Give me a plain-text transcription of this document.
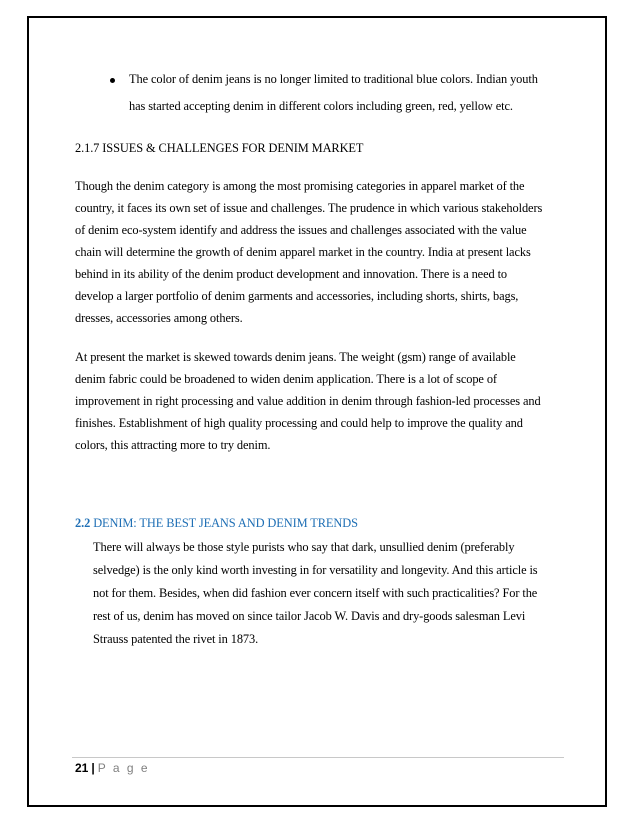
The color of denim jeans is no longer limited to traditional blue colors. Indian youth
has started accepting denim in different colors including green, red, yellow etc.
2.1.7 ISSUES & CHALLENGES FOR DENIM MARKET
Though the denim category is among the most promising categories in apparel market of the
country, it faces its own set of issue and challenges. The prudence in which various stakeholders
of denim eco-system identify and address the issues and challenges associated with the value
chain will determine the growth of denim apparel market in the country. India at present lacks
behind in its ability of the denim product development and innovation. There is a need to
develop a larger portfolio of denim garments and accessories, including shorts, shirts, bags,
dresses, accessories among others.
At present the market is skewed towards denim jeans. The weight (gsm) range of available
denim fabric could be broadened to widen denim application. There is a lot of scope of
improvement in right processing and value addition in denim through fashion-led processes and
finishes. Establishment of high quality processing and could help to improve the quality and
colors, this attracting more to try denim.
2.2 DENIM: THE BEST JEANS AND DENIM TRENDS
There will always be those style purists who say that dark, unsullied denim (preferably
selvedge) is the only kind worth investing in for versatility and longevity. And this article is
not for them. Besides, when did fashion ever concern itself with such practicalities? For the
rest of us, denim has moved on since tailor Jacob W. Davis and dry-goods salesman Levi
Strauss patented the rivet in 1873.
21 | P a g e
